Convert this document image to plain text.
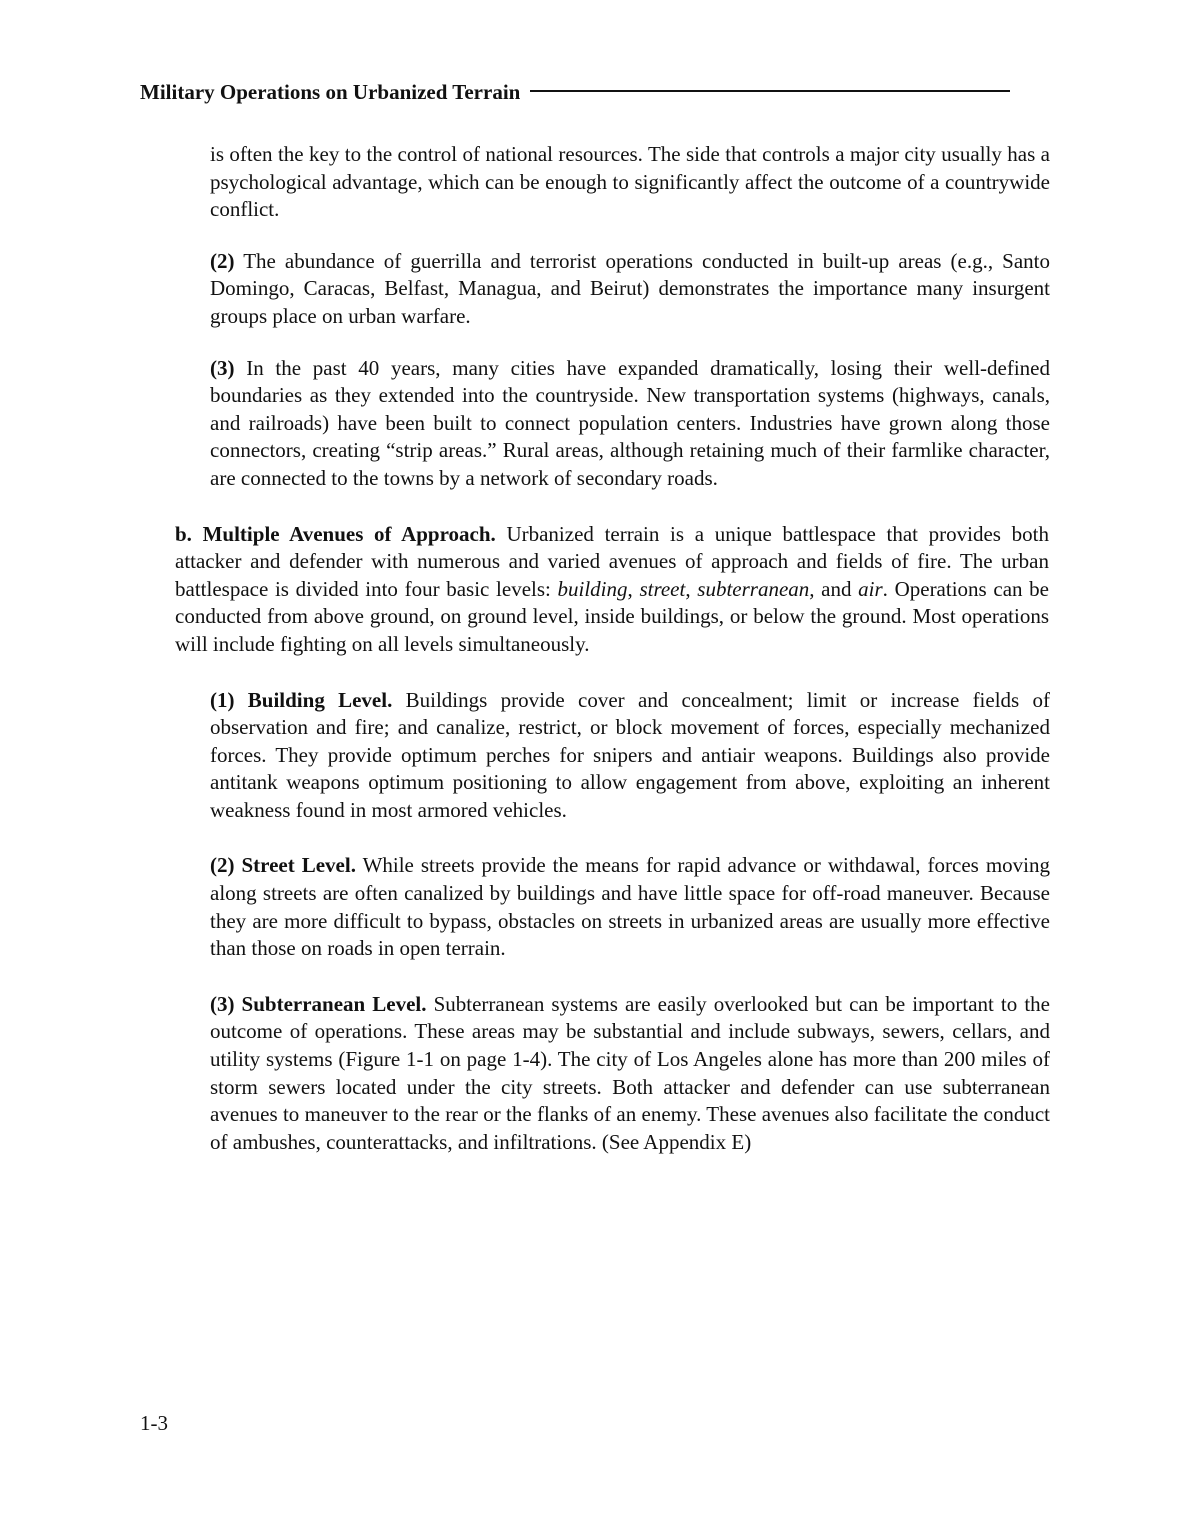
Military Operations on Urbanized Terrain

is often the key to the control of national resources. The side that controls a major city usually has a psychological advantage, which can be enough to significantly affect the outcome of a countrywide conflict.

(2) The abundance of guerrilla and terrorist operations conducted in built-up areas (e.g., Santo Domingo, Caracas, Belfast, Managua, and Beirut) demonstrates the importance many insurgent groups place on urban warfare.

(3) In the past 40 years, many cities have expanded dramatically, losing their well-defined boundaries as they extended into the countryside. New transportation systems (highways, canals, and railroads) have been built to connect population centers. Industries have grown along those connectors, creating “strip areas.” Rural areas, although retaining much of their farmlike character, are connected to the towns by a network of secondary roads.

b. Multiple Avenues of Approach. Urbanized terrain is a unique battlespace that provides both attacker and defender with numerous and varied avenues of approach and fields of fire. The urban battlespace is divided into four basic levels: building, street, subterranean, and air. Operations can be conducted from above ground, on ground level, inside buildings, or below the ground. Most operations will include fighting on all levels simultaneously.

(1) Building Level. Buildings provide cover and concealment; limit or increase fields of observation and fire; and canalize, restrict, or block movement of forces, especially mechanized forces. They provide optimum perches for snipers and antiair weapons. Buildings also provide antitank weapons optimum positioning to allow engagement from above, exploiting an inherent weakness found in most armored vehicles.

(2) Street Level. While streets provide the means for rapid advance or withdawal, forces moving along streets are often canalized by buildings and have little space for off-road maneuver. Because they are more difficult to bypass, obstacles on streets in urbanized areas are usually more effective than those on roads in open terrain.

(3) Subterranean Level. Subterranean systems are easily overlooked but can be important to the outcome of operations. These areas may be substantial and include subways, sewers, cellars, and utility systems (Figure 1-1 on page 1-4). The city of Los Angeles alone has more than 200 miles of storm sewers located under the city streets. Both attacker and defender can use subterranean avenues to maneuver to the rear or the flanks of an enemy. These avenues also facilitate the conduct of ambushes, counterattacks, and infiltrations. (See Appendix E)

1-3
